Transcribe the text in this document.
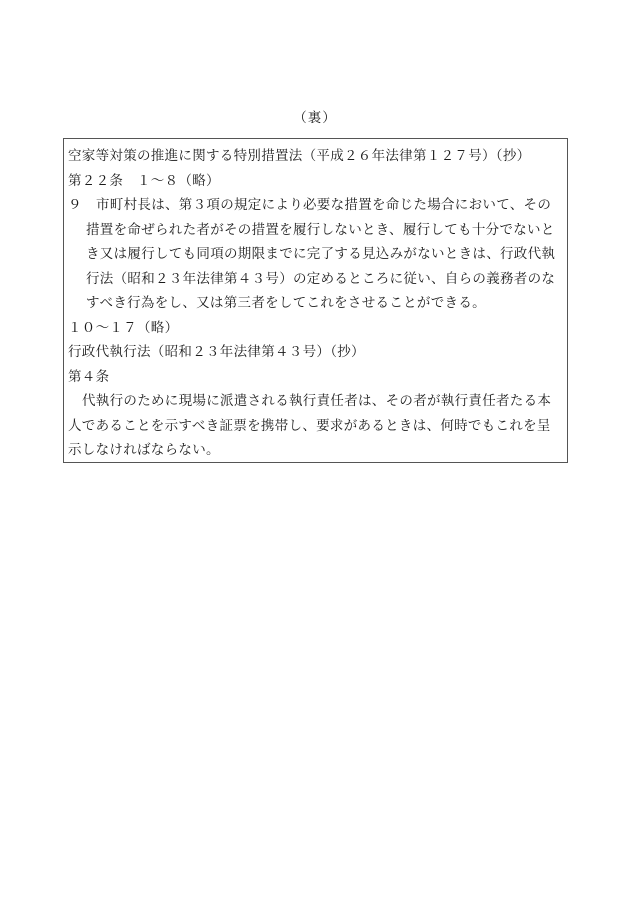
（裏）
空家等対策の推進に関する特別措置法（平成２６年法律第１２７号）（抄）
第２２条　１～８（略）
９	市町村長は、第３項の規定により必要な措置を命じた場合において、その措置を命ぜられた者がその措置を履行しないとき、履行しても十分でないとき又は履行しても同項の期限までに完了する見込みがないときは、行政代執行法（昭和２３年法律第４３号）の定めるところに従い、自らの義務者のなすべき行為をし、又は第三者をしてこれをさせることができる。
１０～１７（略）
行政代執行法（昭和２３年法律第４３号）（抄）
第４条
代執行のために現場に派遣される執行責任者は、その者が執行責任者たる本人であることを示すべき証票を携帯し、要求があるときは、何時でもこれを呈示しなければならない。
